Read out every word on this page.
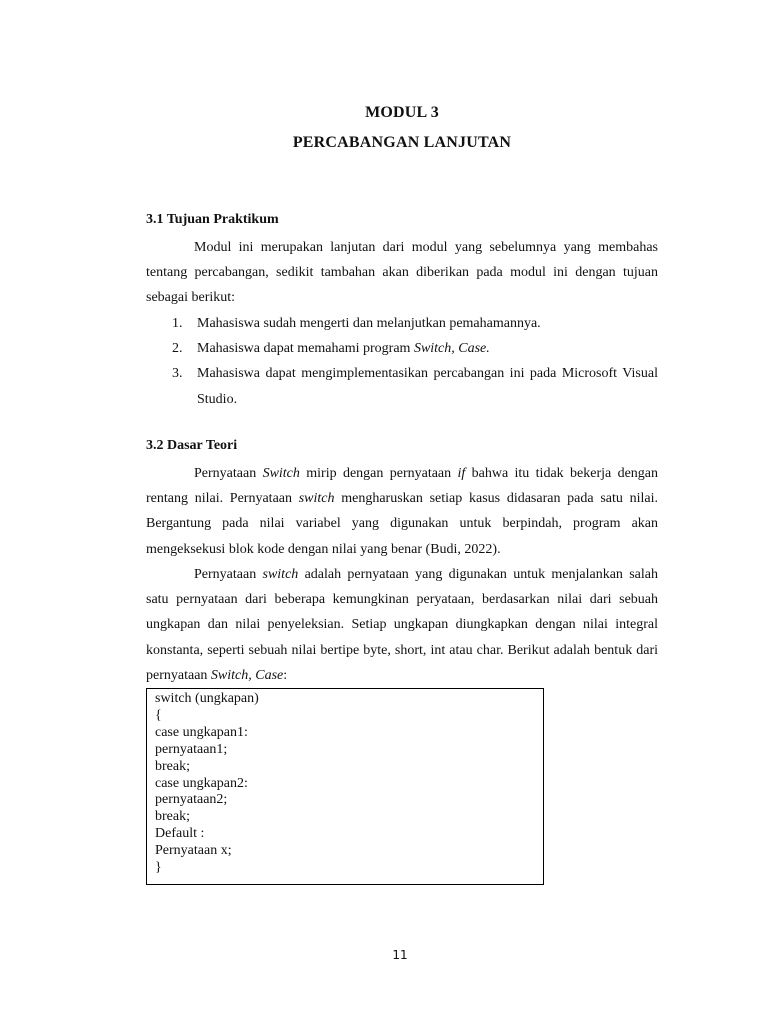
MODUL 3
PERCABANGAN LANJUTAN
3.1 Tujuan Praktikum

Modul ini merupakan lanjutan dari modul yang sebelumnya yang membahas tentang percabangan, sedikit tambahan akan diberikan pada modul ini dengan tujuan sebagai berikut:

1. Mahasiswa sudah mengerti dan melanjutkan pemahamannya.
2. Mahasiswa dapat memahami program Switch, Case.
3. Mahasiswa dapat mengimplementasikan percabangan ini pada Microsoft Visual Studio.
3.2 Dasar Teori

Pernyataan Switch mirip dengan pernyataan if bahwa itu tidak bekerja dengan rentang nilai. Pernyataan switch mengharuskan setiap kasus didasaran pada satu nilai. Bergantung pada nilai variabel yang digunakan untuk berpindah, program akan mengeksekusi blok kode dengan nilai yang benar (Budi, 2022).

Pernyataan switch adalah pernyataan yang digunakan untuk menjalankan salah satu pernyataan dari beberapa kemungkinan peryataan, berdasarkan nilai dari sebuah ungkapan dan nilai penyeleksian. Setiap ungkapan diungkapkan dengan nilai integral konstanta, seperti sebuah nilai bertipe byte, short, int atau char. Berikut adalah bentuk dari pernyataan Switch, Case:

switch (ungkapan)
{
case ungkapan1:
pernyataan1;
break;
case ungkapan2:
pernyataan2;
break;
Default :
Pernyataan x;
}
11
